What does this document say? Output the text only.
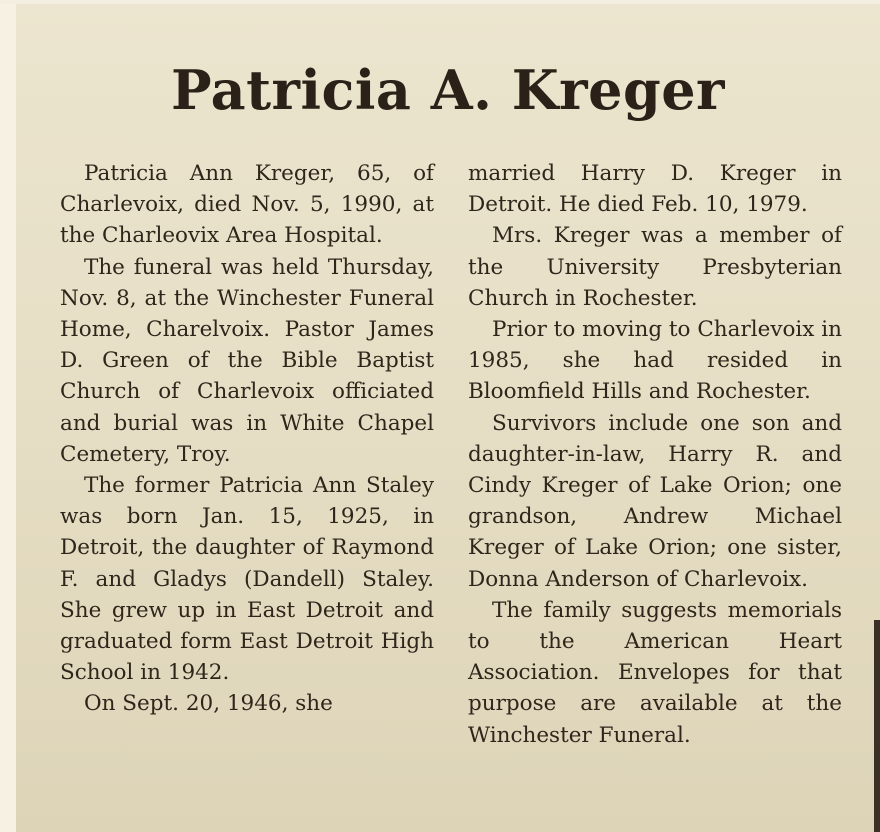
Patricia A. Kreger

Patricia Ann Kreger, 65, of Charlevoix, died Nov. 5, 1990, at the Charleovix Area Hospital.

The funeral was held Thursday, Nov. 8, at the Winchester Funeral Home, Charelvoix. Pastor James D. Green of the Bible Baptist Church of Charlevoix officiated and burial was in White Chapel Cemetery, Troy.

The former Patricia Ann Staley was born Jan. 15, 1925, in Detroit, the daughter of Raymond F. and Gladys (Dandell) Staley. She grew up in East Detroit and graduated form East Detroit High School in 1942.

On Sept. 20, 1946, she

married Harry D. Kreger in Detroit. He died Feb. 10, 1979.

Mrs. Kreger was a member of the University Presbyterian Church in Rochester.

Prior to moving to Charlevoix in 1985, she had resided in Bloomfield Hills and Rochester.

Survivors include one son and daughter-in-law, Harry R. and Cindy Kreger of Lake Orion; one grandson, Andrew Michael Kreger of Lake Orion; one sister, Donna Anderson of Charlevoix.

The family suggests memorials to the American Heart Association. Envelopes for that purpose are available at the Winchester Funeral.
